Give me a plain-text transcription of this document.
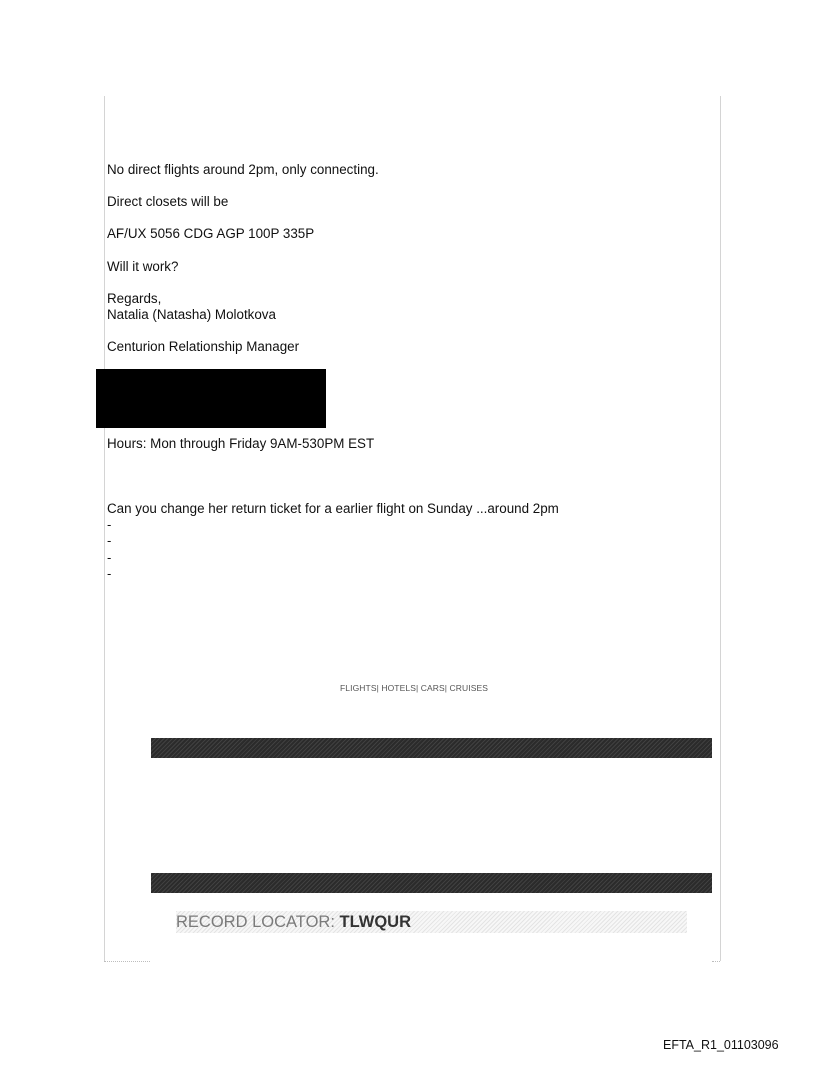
No direct flights around 2pm, only connecting.

Direct closets will be

AF/UX 5056 CDG AGP 100P 335P

Will it work?

Regards,

Natalia (Natasha) Molotkova

Centurion Relationship Manager

Hours: Mon through Friday 9AM-530PM EST

Can you change her return ticket for a earlier flight on Sunday ...around 2pm

-

-

-

-

FLIGHTS| HOTELS| CARS| CRUISES
RECORD LOCATOR: TLWQUR
EFTA_R1_01103096
